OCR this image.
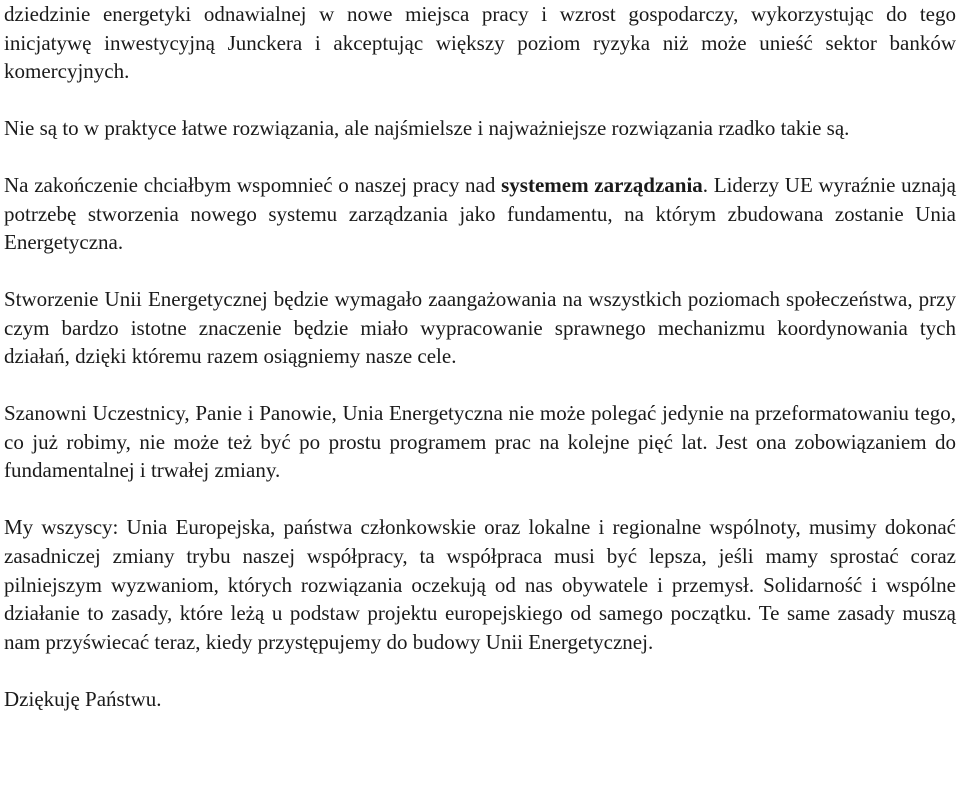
dziedzinie energetyki odnawialnej w nowe miejsca pracy i wzrost gospodarczy, wykorzystując do tego inicjatywę inwestycyjną Junckera i akceptując większy poziom ryzyka niż może unieść sektor banków komercyjnych.

Nie są to w praktyce łatwe rozwiązania, ale najśmielsze i najważniejsze rozwiązania rzadko takie są.

Na zakończenie chciałbym wspomnieć o naszej pracy nad systemem zarządzania. Liderzy UE wyraźnie uznają potrzebę stworzenia nowego systemu zarządzania jako fundamentu, na którym zbudowana zostanie Unia Energetyczna.

Stworzenie Unii Energetycznej będzie wymagało zaangażowania na wszystkich poziomach społeczeństwa, przy czym bardzo istotne znaczenie będzie miało wypracowanie sprawnego mechanizmu koordynowania tych działań, dzięki któremu razem osiągniemy nasze cele.

Szanowni Uczestnicy, Panie i Panowie, Unia Energetyczna nie może polegać jedynie na przeformatowaniu tego, co już robimy, nie może też być po prostu programem prac na kolejne pięć lat. Jest ona zobowiązaniem do fundamentalnej i trwałej zmiany.

My wszyscy: Unia Europejska, państwa członkowskie oraz lokalne i regionalne wspólnoty, musimy dokonać zasadniczej zmiany trybu naszej współpracy, ta współpraca musi być lepsza, jeśli mamy sprostać coraz pilniejszym wyzwaniom, których rozwiązania oczekują od nas obywatele i przemysł. Solidarność i wspólne działanie to zasady, które leżą u podstaw projektu europejskiego od samego początku. Te same zasady muszą nam przyświecać teraz, kiedy przystępujemy do budowy Unii Energetycznej.

Dziękuję Państwu.
